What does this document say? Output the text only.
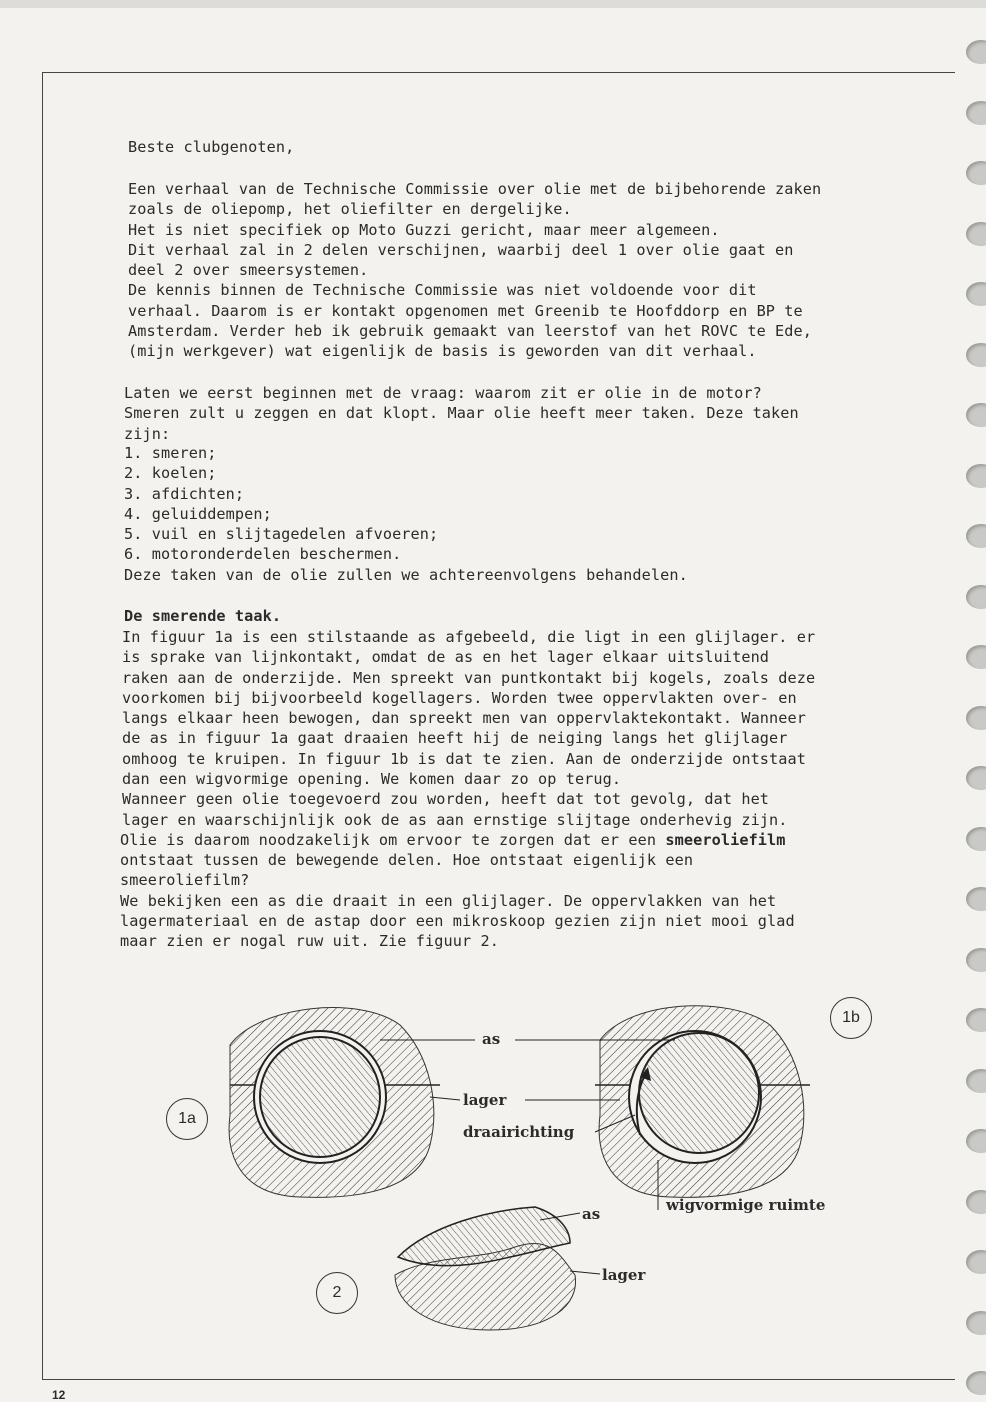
Beste clubgenoten,

Een verhaal van de Technische Commissie over olie met de bijbehorende zaken

zoals de oliepomp, het oliefilter en dergelijke.

Het is niet specifiek op Moto Guzzi gericht, maar meer algemeen.

Dit verhaal zal in 2 delen verschijnen, waarbij deel 1 over olie gaat en

deel 2 over smeersystemen.

De kennis binnen de Technische Commissie was niet voldoende voor dit

verhaal. Daarom is er kontakt opgenomen met Greenib te Hoofddorp en BP te

Amsterdam. Verder heb ik gebruik gemaakt van leerstof van het ROVC te Ede,

(mijn werkgever) wat eigenlijk de basis is geworden van dit verhaal.

Laten we eerst beginnen met de vraag: waarom zit er olie in de motor?

Smeren zult u zeggen en dat klopt. Maar olie heeft meer taken. Deze taken

zijn:

1. smeren;

2. koelen;

3. afdichten;

4. geluiddempen;

5. vuil en slijtagedelen afvoeren;

6. motoronderdelen beschermen.

Deze taken van de olie zullen we achtereenvolgens behandelen.
De smerende taak.

In figuur 1a is een stilstaande as afgebeeld, die ligt in een glijlager. er

is sprake van lijnkontakt, omdat de as en het lager elkaar uitsluitend

raken aan de onderzijde. Men spreekt van puntkontakt bij kogels, zoals deze

voorkomen bij bijvoorbeeld kogellagers. Worden twee oppervlakten over- en

langs elkaar heen bewogen, dan spreekt men van oppervlaktekontakt. Wanneer

de as in figuur 1a gaat draaien heeft hij de neiging langs het glijlager

omhoog te kruipen. In figuur 1b is dat te zien. Aan de onderzijde ontstaat

dan een wigvormige opening. We komen daar zo op terug.

Wanneer geen olie toegevoerd zou worden, heeft dat tot gevolg, dat het

lager en waarschijnlijk ook de as aan ernstige slijtage onderhevig zijn.

Olie is daarom noodzakelijk om ervoor te zorgen dat er een smeeroliefilm

ontstaat tussen de bewegende delen. Hoe ontstaat eigenlijk een

smeeroliefilm?

We bekijken een as die draait in een glijlager. De oppervlakken van het

lagermateriaal en de astap door een mikroskoop gezien zijn niet mooi glad

maar zien er nogal ruw uit. Zie figuur 2.

1a
1b
2
as
lager
draairichting
wigvormige ruimte
as
lager
12
